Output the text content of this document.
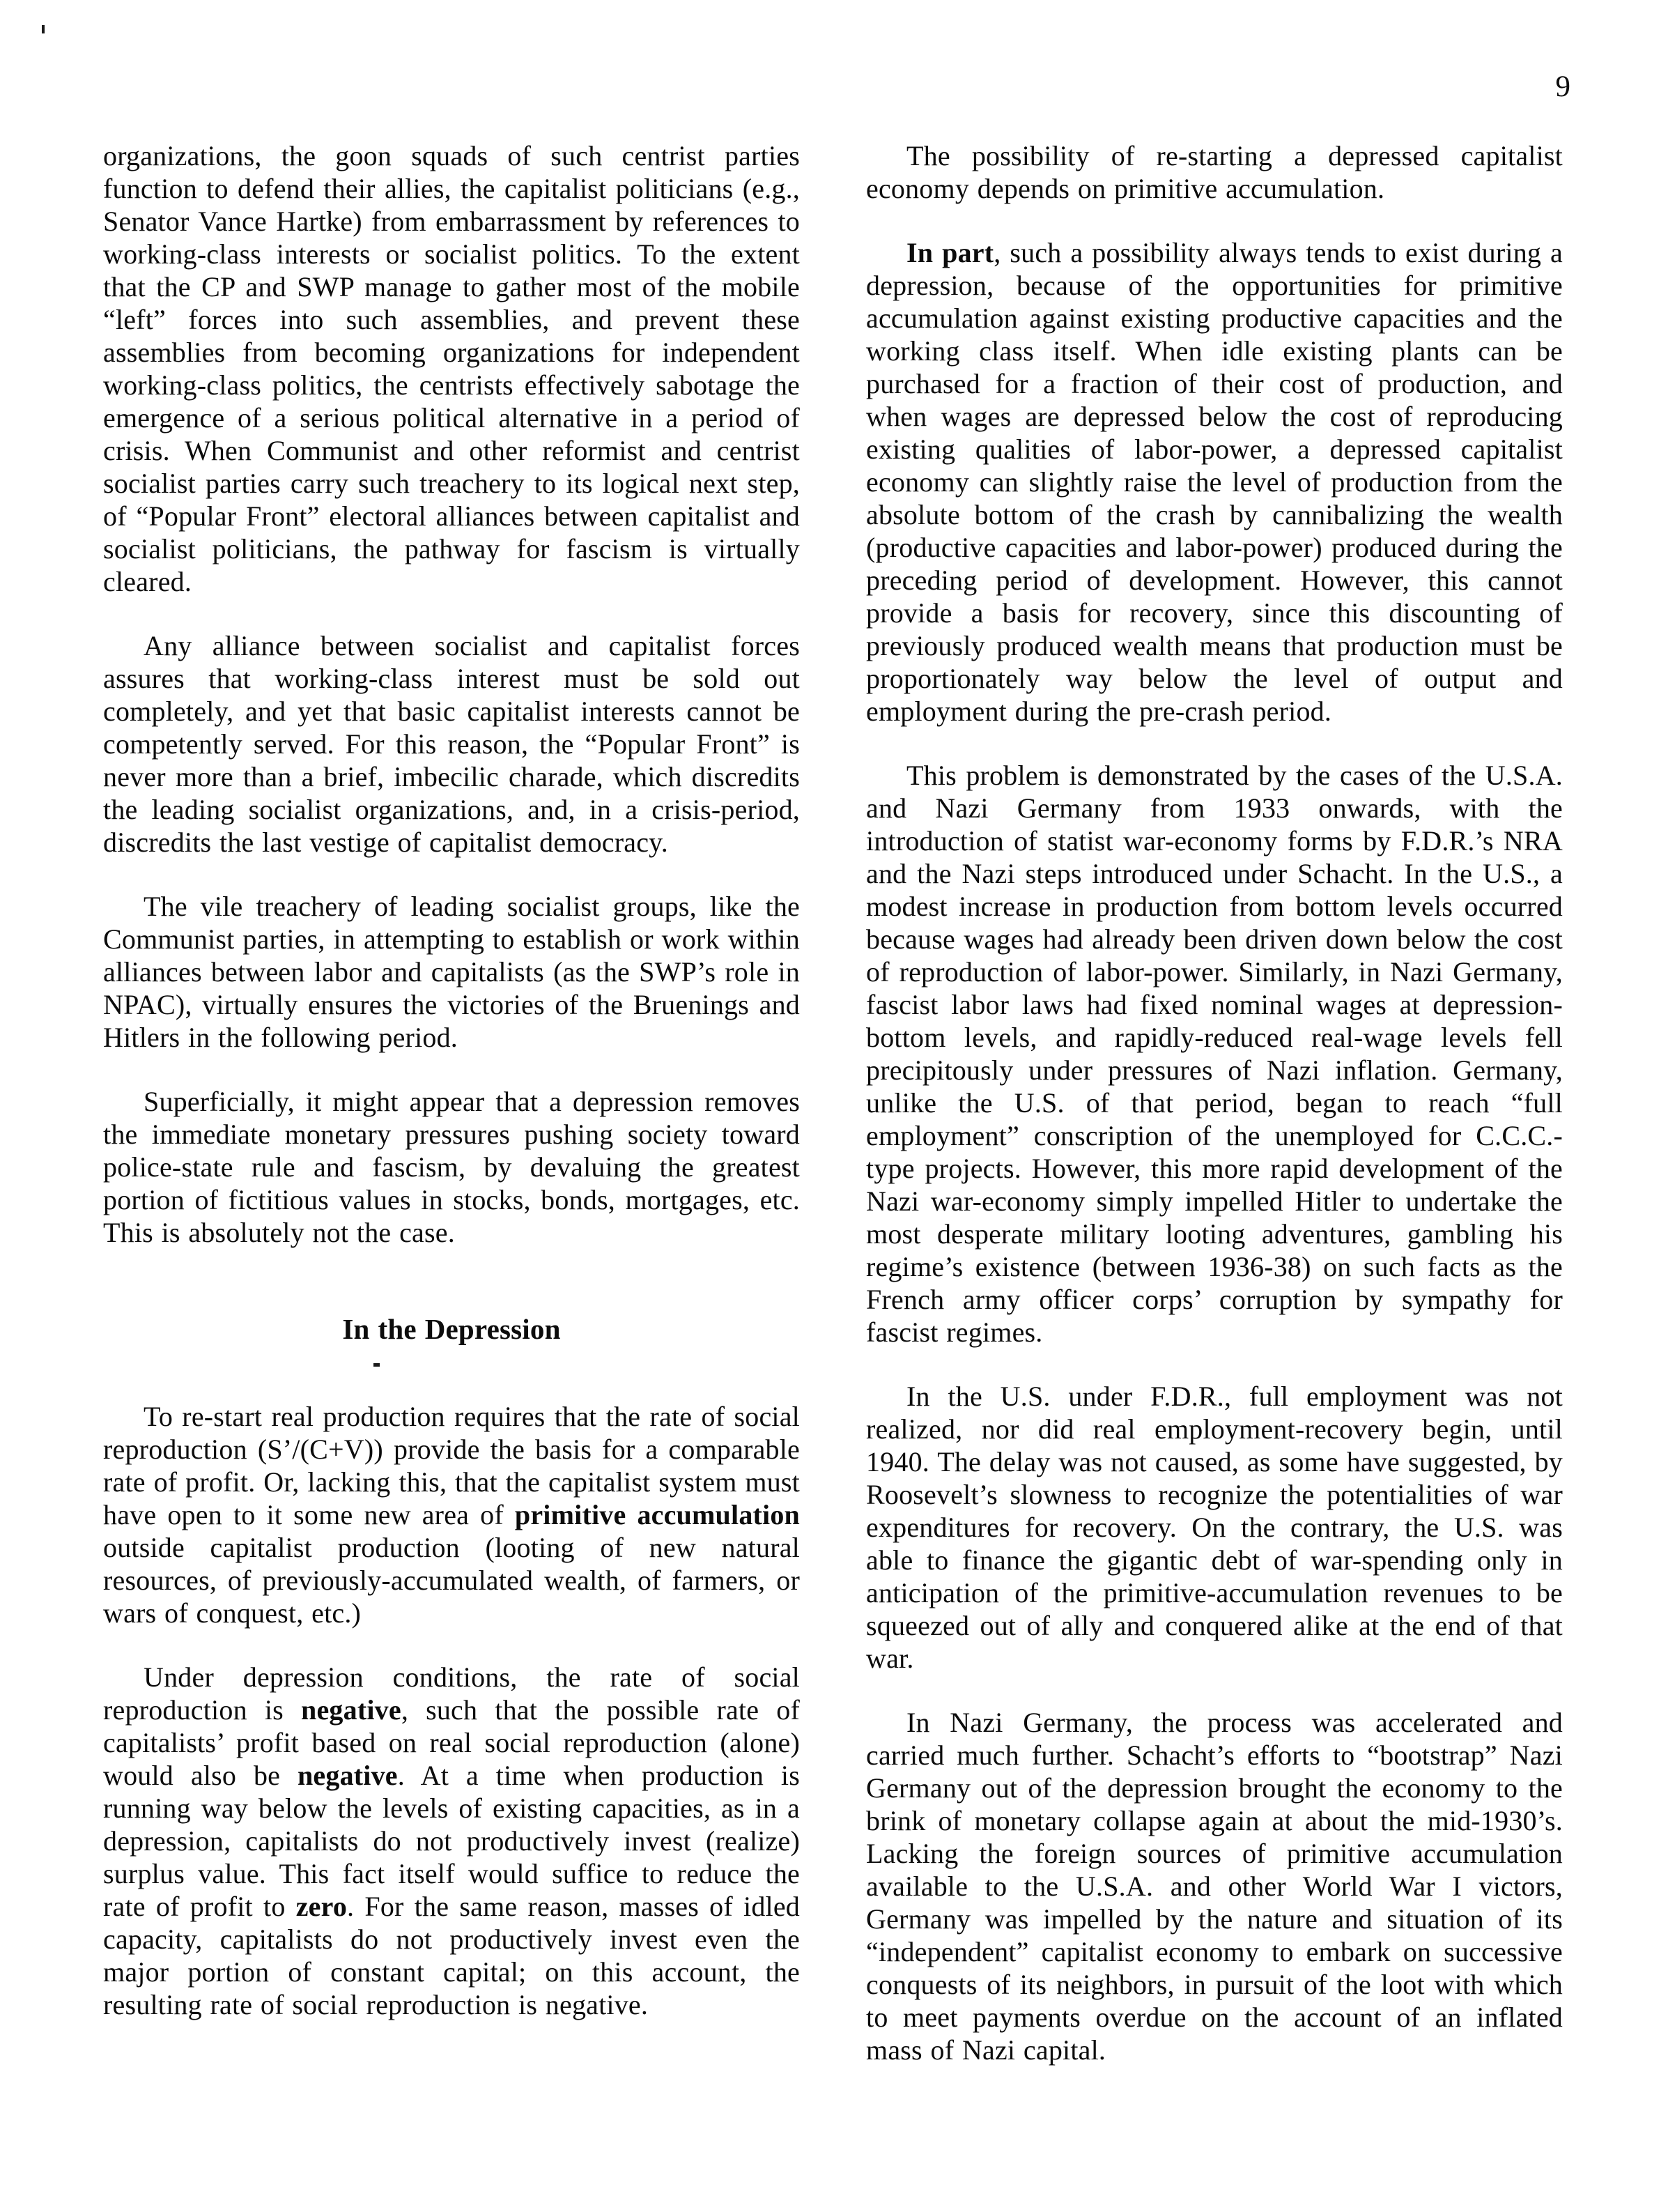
9

organizations, the goon squads of such centrist parties function to defend their allies, the capitalist politicians (e.g., Senator Vance Hartke) from embarrassment by references to working-class interests or socialist politics. To the extent that the CP and SWP manage to gather most of the mobile “left” forces into such assemblies, and prevent these assemblies from becoming organizations for independent working-class politics, the centrists effectively sabotage the emergence of a serious political alternative in a period of crisis. When Communist and other reformist and centrist socialist parties carry such treachery to its logical next step, of “Popular Front” electoral alliances between capitalist and socialist politicians, the pathway for fascism is virtually cleared.

Any alliance between socialist and capitalist forces assures that working-class interest must be sold out completely, and yet that basic capitalist interests cannot be competently served. For this reason, the “Popular Front” is never more than a brief, imbecilic charade, which discredits the leading socialist organizations, and, in a crisis-period, discredits the last vestige of capitalist democracy.

The vile treachery of leading socialist groups, like the Communist parties, in attempting to establish or work within alliances between labor and capitalists (as the SWP’s role in NPAC), virtually ensures the victories of the Bruenings and Hitlers in the following period.

Superficially, it might appear that a depression removes the immediate monetary pressures pushing society toward police-state rule and fascism, by devaluing the greatest portion of fictitious values in stocks, bonds, mortgages, etc. This is absolutely not the case.

In the Depression

To re-start real production requires that the rate of social reproduction (S’/(C+V)) provide the basis for a comparable rate of profit. Or, lacking this, that the capitalist system must have open to it some new area of primitive accumulation outside capitalist production (looting of new natural resources, of previously-accumulated wealth, of farmers, or wars of conquest, etc.)

Under depression conditions, the rate of social reproduction is negative, such that the possible rate of capitalists’ profit based on real social reproduction (alone) would also be negative. At a time when production is running way below the levels of existing capacities, as in a depression, capitalists do not productively invest (realize) surplus value. This fact itself would suffice to reduce the rate of profit to zero. For the same reason, masses of idled capacity, capitalists do not productively invest even the major portion of constant capital; on this account, the resulting rate of social reproduction is negative.

The possibility of re-starting a depressed capitalist economy depends on primitive accumulation.

In part, such a possibility always tends to exist during a depression, because of the opportunities for primitive accumulation against existing productive capacities and the working class itself. When idle existing plants can be purchased for a fraction of their cost of production, and when wages are depressed below the cost of reproducing existing qualities of labor-power, a depressed capitalist economy can slightly raise the level of production from the absolute bottom of the crash by cannibalizing the wealth (productive capacities and labor-power) produced during the preceding period of development. However, this cannot provide a basis for recovery, since this discounting of previously produced wealth means that production must be proportionately way below the level of output and employment during the pre-crash period.

This problem is demonstrated by the cases of the U.S.A. and Nazi Germany from 1933 onwards, with the introduction of statist war-economy forms by F.D.R.’s NRA and the Nazi steps introduced under Schacht. In the U.S., a modest increase in production from bottom levels occurred because wages had already been driven down below the cost of reproduction of labor-power. Similarly, in Nazi Germany, fascist labor laws had fixed nominal wages at depression-bottom levels, and rapidly-reduced real-wage levels fell precipitously under pressures of Nazi inflation. Germany, unlike the U.S. of that period, began to reach “full employment” conscription of the unemployed for C.C.C.-type projects. However, this more rapid development of the Nazi war-economy simply impelled Hitler to undertake the most desperate military looting adventures, gambling his regime’s existence (between 1936-38) on such facts as the French army officer corps’ corruption by sympathy for fascist regimes.

In the U.S. under F.D.R., full employment was not realized, nor did real employment-recovery begin, until 1940. The delay was not caused, as some have suggested, by Roosevelt’s slowness to recognize the potentialities of war expenditures for recovery. On the contrary, the U.S. was able to finance the gigantic debt of war-spending only in anticipation of the primitive-accumulation revenues to be squeezed out of ally and conquered alike at the end of that war.

In Nazi Germany, the process was accelerated and carried much further. Schacht’s efforts to “bootstrap” Nazi Germany out of the depression brought the economy to the brink of monetary collapse again at about the mid-1930’s. Lacking the foreign sources of primitive accumulation available to the U.S.A. and other World War I victors, Germany was impelled by the nature and situation of its “independent” capitalist economy to embark on successive conquests of its neighbors, in pursuit of the loot with which to meet payments overdue on the account of an inflated mass of Nazi capital.
